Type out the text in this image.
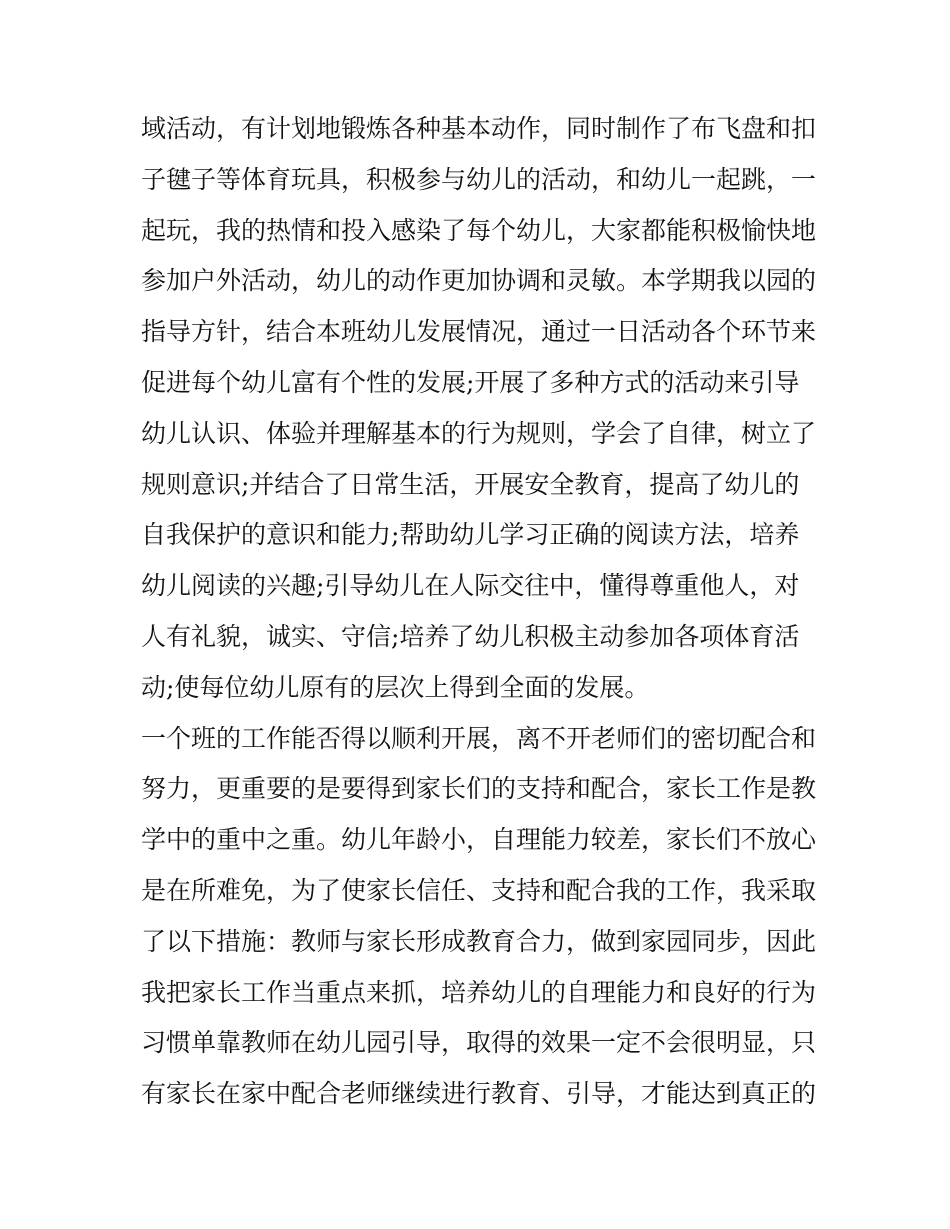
域活动，有计划地锻炼各种基本动作，同时制作了布飞盘和扣
子毽子等体育玩具，积极参与幼儿的活动，和幼儿一起跳，一
起玩，我的热情和投入感染了每个幼儿，大家都能积极愉快地
参加户外活动，幼儿的动作更加协调和灵敏。本学期我以园的
指导方针，结合本班幼儿发展情况，通过一日活动各个环节来
促进每个幼儿富有个性的发展;开展了多种方式的活动来引导
幼儿认识、体验并理解基本的行为规则，学会了自律，树立了
规则意识;并结合了日常生活，开展安全教育，提高了幼儿的
自我保护的意识和能力;帮助幼儿学习正确的阅读方法，培养
幼儿阅读的兴趣;引导幼儿在人际交往中，懂得尊重他人，对
人有礼貌，诚实、守信;培养了幼儿积极主动参加各项体育活
动;使每位幼儿原有的层次上得到全面的发展。
一个班的工作能否得以顺利开展，离不开老师们的密切配合和
努力，更重要的是要得到家长们的支持和配合，家长工作是教
学中的重中之重。幼儿年龄小，自理能力较差，家长们不放心
是在所难免，为了使家长信任、支持和配合我的工作，我采取
了以下措施：教师与家长形成教育合力，做到家园同步，因此
我把家长工作当重点来抓，培养幼儿的自理能力和良好的行为
习惯单靠教师在幼儿园引导，取得的效果一定不会很明显，只
有家长在家中配合老师继续进行教育、引导，才能达到真正的
